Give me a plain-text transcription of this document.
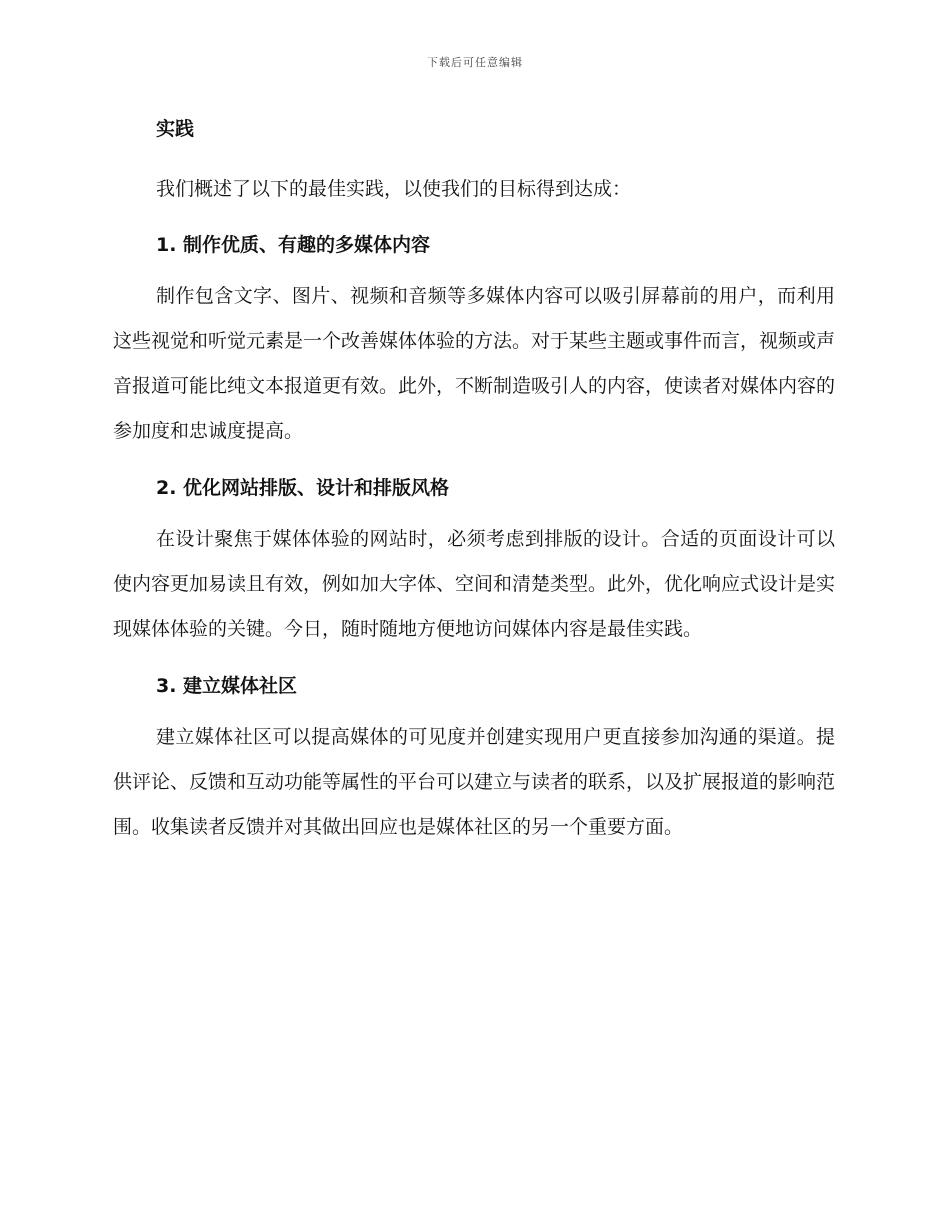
下载后可任意编辑

实践

我们概述了以下的最佳实践，以使我们的目标得到达成：

1. 制作优质、有趣的多媒体内容

制作包含文字、图片、视频和音频等多媒体内容可以吸引屏幕前的用户，而利用这些视觉和听觉元素是一个改善媒体体验的方法。对于某些主题或事件而言，视频或声音报道可能比纯文本报道更有效。此外，不断制造吸引人的内容，使读者对媒体内容的参加度和忠诚度提高。

2. 优化网站排版、设计和排版风格

在设计聚焦于媒体体验的网站时，必须考虑到排版的设计。合适的页面设计可以使内容更加易读且有效，例如加大字体、空间和清楚类型。此外，优化响应式设计是实现媒体体验的关键。今日，随时随地方便地访问媒体内容是最佳实践。

3. 建立媒体社区

建立媒体社区可以提高媒体的可见度并创建实现用户更直接参加沟通的渠道。提供评论、反馈和互动功能等属性的平台可以建立与读者的联系，以及扩展报道的影响范围。收集读者反馈并对其做出回应也是媒体社区的另一个重要方面。
